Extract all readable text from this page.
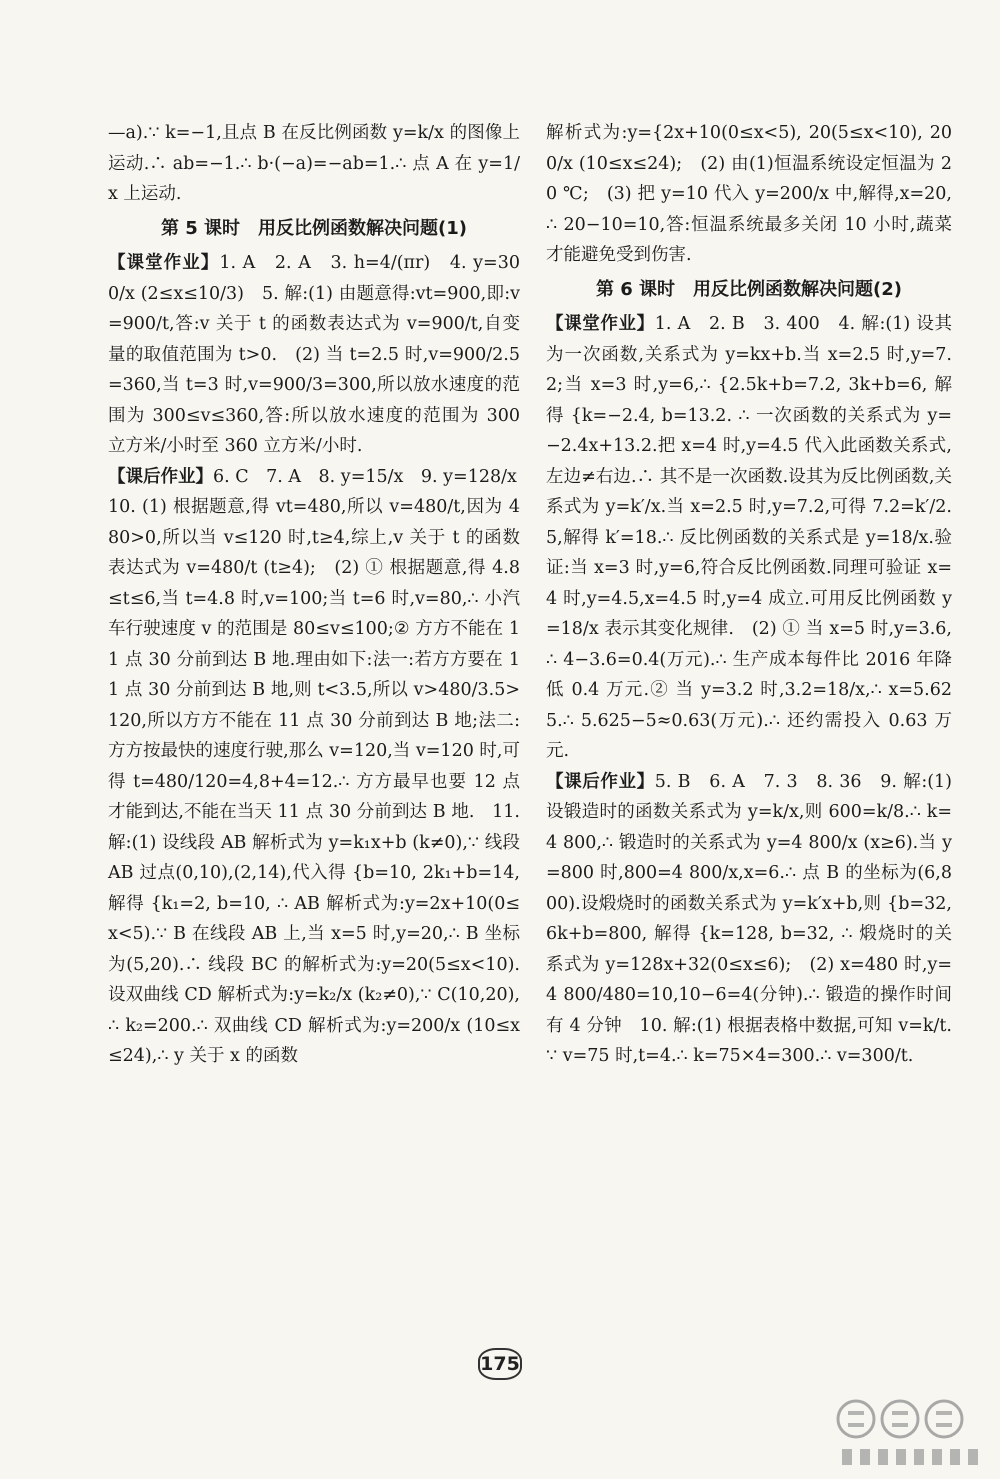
—a).∵ k=−1,且点 B 在反比例函数 y=k/x 的图像上运动.∴ ab=−1.∴ b·(−a)=−ab=1.∴ 点 A 在 y=1/x 上运动.

第 5 课时　用反比例函数解决问题(1)

【课堂作业】1. A　2. A　3. h=4/(πr)　4. y=300/x (2≤x≤10/3)　5. 解:(1) 由题意得:vt=900,即:v=900/t,答:v 关于 t 的函数表达式为 v=900/t,自变量的取值范围为 t>0.　(2) 当 t=2.5 时,v=900/2.5=360,当 t=3 时,v=900/3=300,所以放水速度的范围为 300≤v≤360,答:所以放水速度的范围为 300 立方米/小时至 360 立方米/小时.

【课后作业】6. C　7. A　8. y=15/x　9. y=128/x

10. (1) 根据题意,得 vt=480,所以 v=480/t,因为 480>0,所以当 v≤120 时,t≥4,综上,v 关于 t 的函数表达式为 v=480/t (t≥4);　(2) ① 根据题意,得 4.8≤t≤6,当 t=4.8 时,v=100;当 t=6 时,v=80,∴ 小汽车行驶速度 v 的范围是 80≤v≤100;② 方方不能在 11 点 30 分前到达 B 地.理由如下:法一:若方方要在 11 点 30 分前到达 B 地,则 t<3.5,所以 v>480/3.5>120,所以方方不能在 11 点 30 分前到达 B 地;法二:方方按最快的速度行驶,那么 v=120,当 v=120 时,可得 t=480/120=4,8+4=12.∴ 方方最早也要 12 点才能到达,不能在当天 11 点 30 分前到达 B 地.　11. 解:(1) 设线段 AB 解析式为 y=k₁x+b (k≠0),∵ 线段 AB 过点(0,10),(2,14),代入得 {b=10, 2k₁+b=14, 解得 {k₁=2, b=10, ∴ AB 解析式为:y=2x+10(0≤x<5).∵ B 在线段 AB 上,当 x=5 时,y=20,∴ B 坐标为(5,20).∴ 线段 BC 的解析式为:y=20(5≤x<10).设双曲线 CD 解析式为:y=k₂/x (k₂≠0),∵ C(10,20),∴ k₂=200.∴ 双曲线 CD 解析式为:y=200/x (10≤x≤24),∴ y 关于 x 的函数

解析式为:y={2x+10(0≤x<5), 20(5≤x<10), 200/x (10≤x≤24);　(2) 由(1)恒温系统设定恒温为 20 ℃;　(3) 把 y=10 代入 y=200/x 中,解得,x=20,∴ 20−10=10,答:恒温系统最多关闭 10 小时,蔬菜才能避免受到伤害.

第 6 课时　用反比例函数解决问题(2)

【课堂作业】1. A　2. B　3. 400　4. 解:(1) 设其为一次函数,关系式为 y=kx+b.当 x=2.5 时,y=7.2;当 x=3 时,y=6,∴ {2.5k+b=7.2, 3k+b=6, 解得 {k=−2.4, b=13.2. ∴ 一次函数的关系式为 y=−2.4x+13.2.把 x=4 时,y=4.5 代入此函数关系式,左边≠右边.∴ 其不是一次函数.设其为反比例函数,关系式为 y=k′/x.当 x=2.5 时,y=7.2,可得 7.2=k′/2.5,解得 k′=18.∴ 反比例函数的关系式是 y=18/x.验证:当 x=3 时,y=6,符合反比例函数.同理可验证 x=4 时,y=4.5,x=4.5 时,y=4 成立.可用反比例函数 y=18/x 表示其变化规律.　(2) ① 当 x=5 时,y=3.6,∴ 4−3.6=0.4(万元).∴ 生产成本每件比 2016 年降低 0.4 万元.② 当 y=3.2 时,3.2=18/x,∴ x=5.625.∴ 5.625−5≈0.63(万元).∴ 还约需投入 0.63 万元.

【课后作业】5. B　6. A　7. 3　8. 36　9. 解:(1) 设锻造时的函数关系式为 y=k/x,则 600=k/8.∴ k=4 800,∴ 锻造时的关系式为 y=4 800/x (x≥6).当 y=800 时,800=4 800/x,x=6.∴ 点 B 的坐标为(6,800).设煅烧时的函数关系式为 y=k′x+b,则 {b=32, 6k+b=800, 解得 {k=128, b=32, ∴ 煅烧时的关系式为 y=128x+32(0≤x≤6);　(2) x=480 时,y=4 800/480=10,10−6=4(分钟).∴ 锻造的操作时间有 4 分钟　10. 解:(1) 根据表格中数据,可知 v=k/t.∵ v=75 时,t=4.∴ k=75×4=300.∴ v=300/t.

175
